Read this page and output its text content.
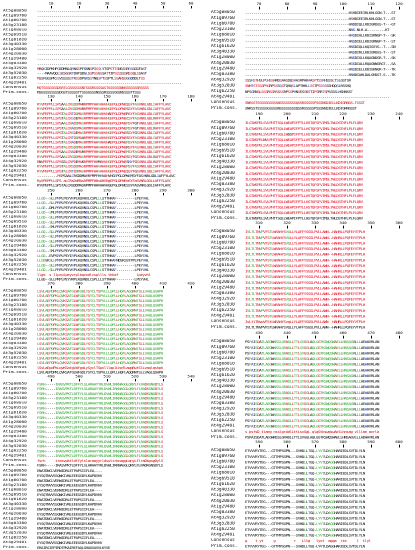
10	20	30	40	50	60
At5g08050	-----------------------------------------------------------------------
At1g09760	-----------------------------------------------------------------------
At1g60700	-----------------------------------------------------------------------
At5g23100	-----------------------------------------------------------------------
At1g68010	-----------------------------------------------------------------------
At5g69510	-----------------------------------------------------------------------
At1g61620	-----------------------------------------------------------------------
At3g40330	-----------------------------------------------------------------------
At1g28000	-----------------------------------------------------------------------
At4g20030	-----------------------------------------------------------------------
At1g29480	-----------------------------------------------------------------------
At5g03380	-----------------------------------------------------------------------
At4g32920	MRQKIDPKHPGEDMNLQRNGSPFGNNSPISSLYTSPSTTSNSSSRRSGGGFAST
At3g52030	----MAAVQQLSESGGKTDHTQDGLSSPSSGSSATTIPSSSSSSNSSQLSSAGT
At1g62250	MSSRGGSPKSSVSSSSSTRSSDPGRSSTNQSPTSSPTLSSANSSGGDDDLTSS
At4g29401	-----------------------------------------------------------------------
Consensus	MQTSSSGSSSDSRTLGSSSSSSNTSGSRSSSSASTSSSSSSNNSSSSSSSRSSSS
Prim.cons.	MSGSSSSSSSSDGSTSSSSSTTSSSGSSSNSSSRSSSSGGSNSSSSTTSSS
70	80	90	100	110	120
At5g08050	---------------------------------------------------HSHDIEEIRLKHLGGN-T---ST
At1g09760	---------------------------------------------------HSHDIEEIRLKHLGGN-T---ST
At1g60700	---------------------------------------------------HNDDIQLLRDIGRDGS-T---GT
At5g23100	---------------------------------------------------NNS-NLH-A---------KT
At1g68010	---------------------------------------------------HHSDIALLKDISRNGP-T---SK
At5g69510	---------------------------------------------------HNSDIELLKDIGRNGP-T---ST
At1g61620	---------------------------------------------------HNSDIQLLKQIGSYG--T---SN
At3g40330	---------------------------------------------------HNSDIRLLKDIGRDGS-T---ST
At1g28000	---------------------------------------------------HNSDIGLLKQAGNDGR-T---SK
At4g20030	---------------------------------------------------HGSDIALLRQAGNNGRGT---SA
At1g29480	---------------------------------------------------HNSDIELLKDIGKNGR-T---TK
At5g03380	---------------------------------------------------HNHDIAHLDALGHDGT-S---TK
At4g32920	SSSHSTHSLPLHSSHRDSAASDQSHASRPAKAASPTSSRHSSSLTSLGSTSR
At3g52030	SNHTSTSSSPSGRPSSSQSTQHQSLAPTHHLLSSTPSSSSSSHQQSLRSSHQ
At1g62250	NPSGRNSLSSSRSSRSSSSRPSSPHNSESSKSTIPSRRTSPSSSSLHSHNSST
At4g29401	-----------------------------------------------------------------------
Consensus	SNRSSTSSSSSGSSSSNSSSSSSSSQSSRSSSSSPSSSNSDIELLKDIGRNGS-TSSST
Prim.cons.	SNRSSTSSSSSGSSSSNSSSSSSSSQSSRSSSSSPSSSNSDIELLKDIGRNGSST
130	140	150	160	170	180
At5g08050	RYVPEPPLLSPSAALCRSDDMARRPMPFHHVAHVHGEPGLDPWESSYFASVNRLGDLIAFFYLAVC
At1g09760	RYVPEPPLLSPSAALCRSDDMARRPMPFHHVAHVHGEPGLDPWESSYFASVNRLGDLIAFFYLAVC
At1g60700	RYVPEPPLLSPSTALCRTDDMASRPMPFHHVAHVHAEPGLDPWERSYFASVNRLGDLIAFFYLAVC
At5g23100	RYVPEPPLLSPSTALCRSDEMASRPMPFHHVAHVHGEPGLDPWECSYFASVNRLGDLVAFFYLAVC
At1g68010	RYVPEPPLLSPSAALCRADDMASRPMPFHHVAHVHGEPGLDPWEMSYFGTVNRLGDLIAFFYLAVC
At5g69510	RYVPEPPLLSPSTALCRADDMASRPMPFHHVAHVHGEPGLDPWEMSYFGTVNRLGDLVAFFYLAVC
At1g61620	RYVPEPPLLSPSTALCRSDEMASRPMPFHHVAHVHGEPGLDPWESSYFGSVNRLGDLIAFFYLAVC
At3g40330	RYVPEPPLLSPSTALCRTDDMAARPMPFHHVAHVHGEPGLDPWESSYFASVNRLGDLIAFFYLAVC
At1g28000	RYVPEPPLLSPSTALCRADEMASRPMPFHHVAHVHAEPGLDPWEMSYFASVNRLGDLIAFFYLAVC
At4g20030	RYVPEPPLLSPSTALCRSDDMASRPMPFHHVAHVHGEPGLDPWERSYFASVNRLGDLIAFFYLAVC
At1g29480	RYVPEPPLLSPSAALCRADEMARRPMPFHHVAHVHGEPGLDPWEMSYFASVNRLGDLIAFFYLAVC
At5g03380	RYVPEPPLLSPSAALCRSDDMASRPMPFHHVAHVHGEPGLDPWESSYFGSVNRLGDLVAFFYLAVC
At4g32920	RNVPEPPLLSPSSSLCRPDEMAKRPMPFHHMAHVHGEPGLDPWESNYFGSVNRLGDLVAFFYLAVC
At3g52030	RYVPEPPLLSPSTALCRSDDMASRPMPFHHVAHVHGEPGLDPWEMSYFASVNRLGDLIAFFYLAVC
At1g62250	RYVPEPPLLSPSTALCRTDDMASRPMPFHHVAHVHGEPGLDPWESSYFGSVNRLGDLIAFFYLAVC
At4g29401	----------MSPSAALCRSDDMARRPMPFHHVAHVHGEPGLDPWEMSYFASVNRLGDLIAFFYLAVC
Consensus	RyVPEPPLLSPS aLCRsDdMAsRPMPFHHvAHVHgEPGLDPWEmSYFaSVNRLGDLiAFFYLAVC
Prim.cons.	RYVPEPPLLSPSTALCRSDDMASRPMPFHHVAHVHGEPGLDPWESSYFASVNRLGDLIAFFYLAVC
190	200	210	220	230	240
At5g08050	ILGTWSPELSVLPHTTSQLLWEAPIFPTLLHSTQFSFVIMSLTWLDSTHFLPLFLQRV
At1g09760	ILGTWSPELSVLPHTTSQLLWEAPIFPTLLHSTQFSFVIMSLTWLDSTHFLPLFLQRV
At1g60700	ILGTWSPELSVLPHTTSQLLWDSPIFPTLLHSTQFSFVIMSLTWLDSTHFLPLFLQRV
At5g23100	ILGTWSPELNVLPHTTSQLLWEAPIFPTLLHSTQFSFVIMSLTWLDSTHFLPLFLQRV
At1g68010	ILGTWSPELSVLPHTTSQLLWEAPIFPTLLHSTQFSFVIMSLTWLDSTHFLPLFLQRV
At5g69510	ILGTWSPELSVLPHTTSQLLWEAPIFPTLLHSTQFSFVIMSLTWLDSTHFLPLFLQRV
At1g61620	ILGTWSPELSVLPHTTSQLLWEAPIFPTLLHSTQFSFVIMSLTWLDSTHFLPLFLQRV
At3g40330	ILGTWSPELSVLPHTTSQLLWEAPIFPTLLHSTQFSFVIMSLTWLDSTHFLPLFLQRV
At1g28000	ILGTWSPELSVLPHTTSQLLWEAPIFPTLLHSTQFSFVIMSLTWLDSTHFLPLFLQRV
At4g20030	ILGTWSPELSVLPHTTSQLLWEAPIFPTLLHSTQFSFVIMSLTWLDSTHFLPLFLQRV
At1g29480	ILGTWSPELSVLPHTTSQLLWEAPIFPTLLHSTQFSFVIMSLTWLDSTHFLPLFLQRV
At5g03380	ILGTWSPELSVLPHTTSQLLWEAPIFPTLLHSTQFSFVIMSLTWLDSTHFLPLFLQRV
At4g32920	ILGTWSPELSVLPHTTSQLLWEAPIFPTLLHSTQFSFVIMSLTWLDSTHFLPLFLQRV
At3g52030	ILGTWSPELSVLPHTTSQLLWEAPIFPTLLHSTQFSFVIMSLTWLDSTHFLPLFLQRV
At1g62250	ILGTWSPELSVLPHTTSQLLWEAPIFPTLLHSTQFSFVIMSLTWLDSTHFLPLFLQRV
At4g29401	ILGTWSPELSVLPHTTSQLLWEAPIFPTLLHSTQFSFVIMSLTWLDSTHFLPLFLQRV
Consensus	ILGTWSPELSVLPHTTSQLLWEAPIFPTLLHSTQFSFVIMSLTWLDSTHFLPLFLQRV
Prim.cons.	ILGTWSPELSVLPHTTSQLLWEAPIFPTLLHSTQFSFVIMSLTWLDSTHFLPLFLQRV
250	260	270	280	290	300
At5g08050	LLGD--SLLPRPLPEYVRPLKQVHDLCSPLLLSTTHKAF---------LPEYVHL
At1g09760	LLGD--SLLPRPLPEYVRPLKQVHDLCSPLLLSTTHKAF---------LPEYVHL
At1g60700	LLGE--DMLPRPLPEFVRPLKQVNGLCSPLLLSTTHKAF---------LPEYVHL
At5g23100	LLGD--SMLPRPLPDYVRPLKQVNDLCSPLLLSTTHKAF---------LPEYVHL
At1g68010	LLGD--SLLPRPLPEYVRPLRQVNDLCSPLLLSTTHKAF---------LPEYVHL
At5g69510	LLGD--SLLPRPLPEYVRPLKQVNELCSPLLLSTTHKAF---------LPEYVHL
At1g61620	LLGE--SMLPRPLPEYVRPLKQVNDLCSPLLLSTTHKAF---------LPEYVHL
At3g40330	LLGD--SLLPRPLPEYVRPLKQVNDLCSPLLLSTTHKAF---------LPEYVHL
At1g28000	LLGD--SLLPRPLPEYVRPLKQVNDLCSPLLLSTTHKAF---------LPEYVHL
At4g20030	LLGD--SLLPRPLPEYVRPLKQVNDLCSPLLLSTTHKAF---------LPEYVHL
At1g29480	LLGE--SLLPRPLPEYVRPLKQVNDLCSPLLLSTTHKAF---------LPEYVHL
At5g03380	LLGD--SMLPRPLPEYVRPLKQVNDLCSPLLLSTTHKAF---------LPEYVHL
At4g32920	LLGD--EVPSRPLPEYIRPLKQINDLCSPLLLSTTHKAF---------LPDYIHL
At3g52030	LLGDSKSLLPRPLPEYVRPLKQVNDLCSPLLLSTTHKAFNDSKSSTPPLPEYVHL
At1g62250	LLGD--SLLPRPLPEYVRPLKQVNDLCSPLLLSTTHKAF---------LPEYVHL
At4g29401	LLGD--SLLPRPLPEYVRPLKQVNDLCSPLLLSTTHKAF---------LPEYVHL
Consensus	llgd  s llprplpeyvrplkqvndlcspllls thkaf         lpeyvhl
Prim.cons.	LLGD--SLLPRPLPEYVRPLKQVNDLCSPLLLSTTHKAF---------LPEYVHL
310	320	330	340	350	360
At5g08050	IVLTLTNVPVFSTLWRAHYSVQLLYLAFFYSGSLPVLLAWN--HAHRLLPQFEYVTPLH
At1g09760	IVLTLTNVPVFSTLWRAHYSVQLLYLAFFYSGSLPVLLAWN--HAHRLLPQFEYVTPLH
At1g60700	IVLTLTNVPVFSTLWRAHYSVQLLYLAFFYSGSLPVLLAWN--HAHRLLPQFEYVTPLH
At5g23100	IVLTLTNVPVFSTLWRAHYSVQLLYLAFFYSGSLPVLLAWN--HAHRLLPQFEYVTPLH
At1g68010	IVLTLTNVPVFSTLWRAHYSVQLLYLAFFYSGSLPVLLAWN--HAHRLLPQFEYVTPLH
At5g69510	IVLTLTNVPVFSTLWRAHYSVQLLYLAFFYSGSLPVLLAWN--HAHRLLPQFEYVTPLH
At1g61620	IVLTLTNVPVFSTLWRAHYSVQLLYLAFFYSGSLPVLLAWN--HAHRLLPQFEYVTPLH
At3g40330	IVLTLTNVPVFSTLWRAHYSVQLLYLAFFYSGSLPVLLAWN--HAHRLLPQFEYVTPLH
At1g28000	IVLTLTNVPVFSTLWRAHYSVQLLYLAFFYSGSLPVLLAWN--HAHRLLPQFEYVTPLH
At4g20030	IVLTLTNVPVFSTLWRAHYSVQLLYLAFFYSGSLPVLLAWN--HAHRLLPQFEYVTPLH
At1g29480	IVLTLTNVPVFSTLWRAHYSVQLLYLAFFYSGSLPVLLAWN--HAHRLLPQFEYVTPLH
At5g03380	IVLTLTNVPVFSTLWRAHYSVQLLYLAFFYSGSLPVLLAWN--HAHRLLPQFEYVTPLH
At4g32920	IVLTLTNVPVFSTLWRAHYSVQLLYLAFFYSGSLPVLLAWN--HAHRLLPQFEYVTPLH
At3g52030	IVLTLTNVPVFSTLWRAHYSVQLLYLAFFYSGSLPVLLAWN--HAHRLLPQFEYVTPLH
At1g62250	IVLTLTNVPVFSTLWRAHYSVQLLYLAFFYSGSLPVLLAWN--HAHRLLPQFEYVTPLH
At4g29401	IVLTLTNVPVFSTLWRAHYSVQLLYLAFFYSGSLPVLLAWN--HAHRLLPQFEYVTPLH
Consensus	IvLtlTNvpVFStLWRAHYSvqLLYLAFFYSGSLPVLLAWN  HAHRLLPQFEYVTPLH
Prim.cons.	IVLTLTNVPVFSTLWRAHYSVQLLYLAFFYSGSLPVLLAWN--HAHRLLPQFEYVTPLH
370	380	390	400	410	420
At5g08050	LSVLAEPDPKLQVKSATGLWFGDLYSYCLTSPVLLLQPLLHQFLAQQRWTSLLVAQLQSHPH
At1g09760	LSVLAEPDPKLQVKSATGLWFGDLYSYCLTSPVLLLQPLLHQFLAQQRWTSLLVAQLQSHPH
At1g60700	LSVLAEPDPKLQVKSATGLWFGDLYSYCLTSPVLLLQPLLHQFLAQQRWTSLLVAQLQSHPH
At5g23100	LSVLAEPDPKLQVKSATGLWFGDLYSYCLTSPVLLLQPLLHQFLAQQRWTSLLVAQLQSHPH
At1g68010	LSVLAEPDPKLQVKSATGLWFGDLYSYCLTSPVLLLQPLLHQFLAQQRWTSLLVAQLQSHPH
At5g69510	LSVLAEPDPKLQVKSATGLWFGDLYSYCLTSPVLLLQPLLHQFLAQQRWTSLLVAQLQSHPH
At1g61620	LSVLAEPDPKLQVKSATGLWFGDLYSYCLTSPVLLLQPLLHQFLAQQRWTSLLVAQLQSHPH
At3g40330	LSVLAEPDPKLQVKSATGLWFGDLYSYCLTSPVLLLQPLLHQFLAQQRWTSLLVAQLQSHPH
At1g28000	LSVLAEPDPKLQVKSATGLWFGDLYSYCLTSPVLLLQPLLHQFLAQQRWTSLLVAQLQSHPH
At4g20030	LSVLAEPDPKLQVKSATGLWFGDLYSYCLTSPVLLLQPLLHQFLAQQRWTSLLVAQLQSHPH
At1g29480	LSVLAEPDPKLQVKSATGLWFGDLYSYCLTSPVLLLQPLLHQFLAQQRWTSLLVAQLQSHPH
At5g03380	LSVLAEPDPKLQVKSATGLWFGDLYSYCLTSPVLLLQPLLHQFLAQQRWTSLLVAQLQSHPH
At4g32920	LSVLAEPDPKLQVKSATGLWFGDLYSYCLTSPVLLLQPLLHQFLAQQRWTSLLVAQLQSHPH
At3g52030	LSVLAEPDPKLQVKSATGLWFGDLYSYCLTSPVLLLQPLLHQFLAQQRWTSLLVAQLQSHPH
At1g62250	LSVLAEPDPKLQVKSATGLWFGDLYSYCLTSPVLLLQPLLHQFLAQQRWTSLLVAQLQSHPH
At4g29401	LSVLAEPDPKLQVKSATGLWFGDLYSYCLTSPVLLLQPLLHQFLAQQRWTSLLVAQLQSHPH
Consensus	lSvLaEpdPkLqvKSatgLWfgdLySyclTSpvlllqplLhqfLaqqRwtSlLvaqlqshph
Prim.cons.	LSVLAEPDPKLQVKSATGLWFGDLYSYCLTSPVLLLQPLLHQFLAQQRWTSLLVAQLQSHPH
430	440	450	460	470	480
At5g08050	PSPAISDATLAEGWNSSLGRADLLTTLSVGGLAQLGGTKSWQSWAELLHNSAGVLLLAEWAVRLAN
At1g09760	PSPAISDATLAEGWNSSLGRADLLTTLSVGGLAQLGGTKSWQSWAELLHNSAGVLLLAEWAVRLAN
At1g60700	PSPAISDATLAEGWNSSLGRADLLTTLSVGGLAQLGGTKSWQSWAELLHNSAGVLLLAEWAVRLAN
At5g23100	PSPAISDATLAEGWNSSLGRADLLTTLSVGGLAQLGGTKSWQSWAELLHNSAGVLLLAEWAVRLAN
At1g68010	PSPAISDATLAEGWNSSLGRADLLTTLSVGGLAQLGGTKSWQSWAELLHNSAGVLLLAEWAVRLAN
At5g69510	PSPAISDATLAEGWNSSLGRADLLTTLSVGGLAQLGGTKSWQSWAELLHNSAGVLLLAEWAVRLAN
At1g61620	PSPAISDATLAEGWNSSLGRADLLTTLSVGGLAQLGGTKSWQSWAELLHNSAGVLLLAEWAVRLAN
At3g40330	PSPAISDATLAEGWNSSLGRADLLTTLSVGGLAQLGGTKSWQSWAELLHNSAGVLLLAEWAVRLAN
At1g28000	PSPAISDATLAEGWNSSLGRADLLTTLSVGGLAQLGGTKSWQSWAELLHNSAGVLLLAEWAVRLAN
At4g20030	PSPAISDATLAEGWNSSLGRADLLTTLSVGGLAQLGGTKSWQSWAELLHNSAGVLLLAEWAVRLAN
At1g29480	PSPAISDATLAEGWNSSLGRADLLTTLSVGGLAQLGGTKSWQSWAELLHNSAGVLLLAEWAVRLAN
At5g03380	PSPAISDATLAEGWNSSLGRADLLTTLSVGGLAQLGGTKSWQSWAELLHNSAGVLLLAEWAVRLAN
At4g32920	PSPAISDATLAEGWNSSLGRADLLTTLSVGGLAQLGGTKSWQSWAELLHNSAGVLLLAEWAVRLAN
At3g52030	PSPAISDATLAEGWNSSLGRADLLTTLSVGGLAQLGGTKSWQSWAELLHNSAGVLLLAEWAVRLAN
At1g62250	PSPAISDATLAEGWNSSLGRADLLTTLSVGGLAQLGGTKSWQSWAELLHNSAGVLLLAEWAVRLAN
At4g29401	PSPAISDATLAEGWNSSLGRADLLTTLSVGGLAQLGGTKSWQSWAELLHNSAGVLLLAEWAVRLAN
Consensus	s psfsD tlaeg nsslgrAdlLttLsvGgL qlgGtkswqswAelLhnsag vlllae avrla
Prim.cons.	PSPAISDATLAEGWNSSLGRADLLTTLSVGGLAQLGGTKSWQSWAELLHNSAGVLLLAEWAVRLAN
490	500	510	520	530	540
At5g08050	FSRH-----IRASVPKTLDFFYLSLARAAYYRLDVWLIRKNAGGLQNYLFLRADKGNGDYLS
At1g09760	FSRH-----IRASVPKTLDFFYLSLARAAYYRLDVWLIRKNAGGLQNYLFLRADKGNGDYLS
At1g60700	FSRH-----IRASVPKTLDFFYLSLARAAYYRLDVWLIRKNAGGLQNYLFLRADKGNGDYLS
At5g23100	FSRH-----IRASVPKTLDFFYLSLARAAYYRLDVWLIRKNAGGLQNYLFLRADKGNGDYLS
At1g68010	FSRH-----IRASVPKTLDFFYLSLARAAYYRLDVWLIRKNAGGLQNYLFLRADKGNGDYLS
At5g69510	FSRH-----IRASVPKTLDFFYLSLARAAYYRLDVWLIRKNAGGLQNYLFLRADKGNGDYLS
At1g61620	FSRH-----IRASVPKTLDFFYLSLARAAYYRLDVWLIRKNAGGLQNYLFLRADKGNGDYLS
At3g40330	FSRH-----IRASVPKTLDFFYLSLARAAYYRLDVWLIRKNAGGLQNYLFLRADKGNGDYLS
At1g28000	FSRH-----IRASVPKTLDFFYLSLARAAYYRLDVWLIRKNAGGLQNYLFLRADKGNGDYLS
At4g20030	FSRH-----IRASVPKTLDFFYLSLARAAYYRLDVWLIRKNAGGLQNYLFLRADKGNGDYLS
At1g29480	FSRH-----IRASVPKTLDFFYLSLARAAYYRLDVWLIRKNAGGLQNYLFLRADKGNGDYLS
At5g03380	FSRH-----IRASVPKTLDFFYLSLARAAYYRLDVWLIRKNAGGLQNYLFLRADKGNGDYLS
At4g32920	FSRH-----IRASVPKTLDFFYLSLARAAYYRLDVWLIRKNAGGLQNYLFLRADKGNGDYLS
At3g52030	FSRH-----IRASVPKTLDFFYLSLARAAYYRLDVWLIRKNAGGLQNYLFLRADKGNGDYLS
At1g62250	FSRH-----IRASVPKTLDFFYLSLARAAYYRLDVWLIRKNAGGLQNYLFLRADKGNGDYLS
At4g29401	FSRH-----IRASVPKTLDFFYLSLARAAYYRLDVWLIRKNAGGLQNYLFLRADKGNGDYLS
Consensus	fsrh     irasvpktldffylslaraayyrldvwlirknaggLqnyLflraDkgngDylS
Prim.cons.	FSRH-----IRASVPKTLDFFYLSLARAAYYRLDVWLIRKNAGGLQNYLFLRADKGNGDYLS
550	560	570	580	590	600
At5g08050	ETVVVRYTEG---GTTMPSGPN---SVHDLLTGQ-LYVTLDAGGHARIEDLSVTDLYLN
At1g09760	ETVVVRYTEG---GTTMPSGPN---SVHDLLTGQ-LYVTLDAGGHARIEDLSVTDLYLN
At1g60700	ETVVVRYTEG---GTTMPSGPN---SVHDLLTGQ-LYVTLDAGGHARIEDLSVTDLYLN
At5g23100	ETVVVRYTEG---GTTMPSGPN---SVHDLLTGQ-LYVTLDAGGHARIEDLSVTDLYLN
At1g68010	ETVVVRYTEG---GTTMPSGPN---SVHDLLTGQ-LYVTLDAGGHARIEDLSVTDLYLN
At5g69510	ETVVVRYTEG---GTTMPSGPN---SVHDLLTGQ-LYVTLDAGGHARIEDLSVTDLYLN
At1g61620	ETVVVRYTEG---GTTMPSGPN---SVHDLLTGQ-LYVTLDAGGHARIEDLSVTDLYLN
At3g40330	ETVVVRYTEG---GTTMPSGPN---SVHDLLTGQ-LYVTLDAGGHARIEDLSVTDLYLN
At1g28000	ETVVVRYTEG---GTTMPSGPN---SVHDLLTGQ-LYVTLDAGGHARIEDLSVTDLYLN
At4g20030	ETVVVRYTEG---GTTMPSGPN---SVHDLLTGQ-LYVTLDAGGHARIEDLSVTDLYLN
At1g29480	ETVVVRYTEG---GTTMPSGPN---SVHDLLTGQ-LYVTLDAGGHARIEDLSVTDLYLN
At5g03380	ETVVVRYTEG---GTTMPSGPN---SVHDLLTGQ-LYVTLDAGGHARIEDLSVTDLYLN
At4g32920	ETVVVRYTEG---GTTMPSGPN---SVHDLLTGQ-LYVTLDAGGHARIEDLSVTDLYLN
At3g52030	ETVVVRYTEG---GTTMPSGPN---SVHDLLTGQ-LYVTLDAGGHARIEDLSVTDLYLN
At1g62250	ETVVVRYTEG---GTTMPSGPN---SVHDLLTGQ-LYVTLDAGGHARIEDLSVTDLYLN
At4g29401	ETVVVRYTEG---GTTMPSGPN---SVHDLLTGQ-LYVTLDAGGHARIEDLSVTDLYLN
Consensus	g    t yt     g         r   Lltg   lyvt  agga  rie     l  tlyl
Prim.cons.	ETVVVRYTEG---GTTMPSGPN---SVHDLLTGQ-LYVTLDAGGHARIEDLSVTDLYLN
At5g08050	ENATDNCLVERWIDRLETPAPSIIFLEA----
At1g09760	EYSQTNVVSSQWKIVNLEEEGSDYLKAPDVHV
At1g60700	ENATDNCLVERWIDRLETPAPSIIFLEA----
At5g23100	EYSQTNVVSSQWKIVNLEEEGSDYLKAPDVHV
At1g68010	ENATDNCLVERWIDRLETPAPSIIFLEA----
At5g69510	EYSQTNVVSSQWKIVNLEEEGSDYLKAPDVHV
At1g61620	ENATDNCLVERWIDRLETPAPSIIFLEA----
At3g40330	EYSQTNVVSSQWKIVNLEEEGSDYLKAPDVHV
At1g28000	ENATDNCLVERWIDRLETPAPSIIFLEA----
At4g20030	EYSQTNVVSSQWKIVNLEEEGSDYLKAPDVHV
At1g29480	ENATDNCLVERWIDRLETPAPSIIFLEA----
At5g03380	EYSQTNVVSSQWKIVNLEEEGSDYLKAPDVHV
At4g32920	ENATDNCLVERWIDRLETPAPSIIFLEA----
At3g52030	EYSQTNVVSSQWKIVNLEEEGSDYLKAPDVHV
At1g62250	ENATDNCLVERWIDRLETPAPSIIFLEA----
At4g29401	EYSQTNVVSSQWKIVNLEEEGSDYLKAPDVHV
Prim.cons.	ERAIRSIEPIRDTPKAIREFAQLGHAGVAVVLKYVE
